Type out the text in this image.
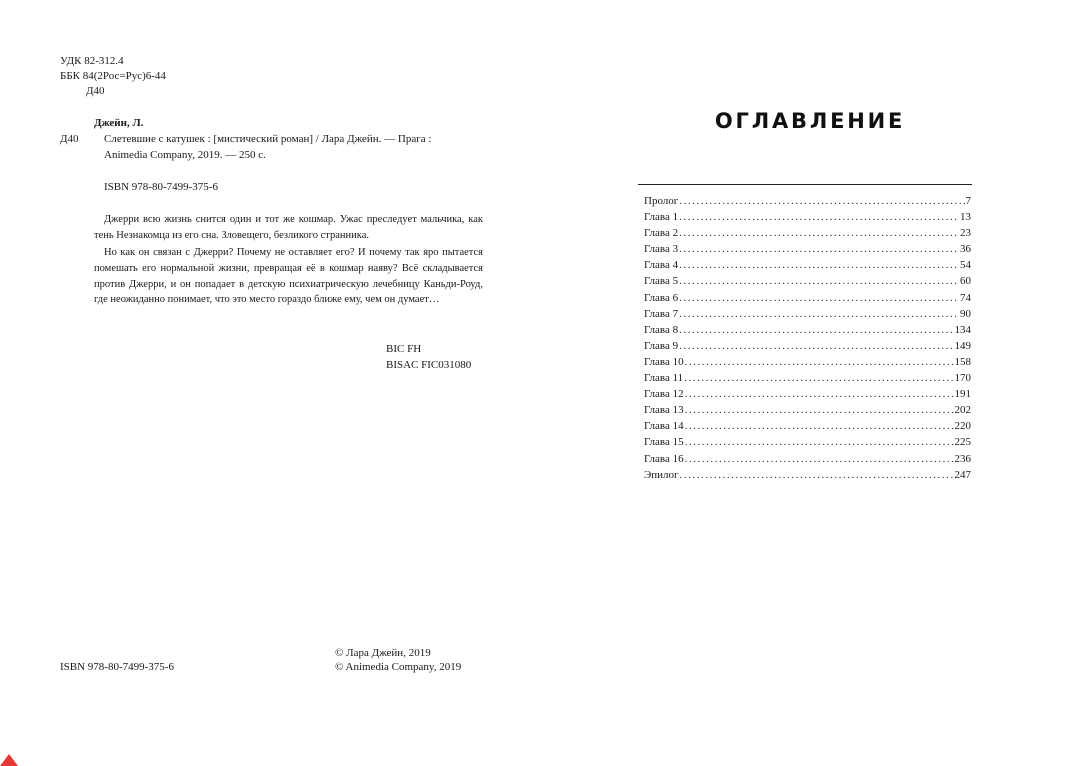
УДК 82-312.4
ББК 84(2Рос=Рус)6-44
Д40
Джейн, Л.
Д40 Слетевшие с катушек : [мистический роман] / Лара Джейн. — Прага :
Animedia Company, 2019. — 250 с.
ISBN 978-80-7499-375-6
Джерри всю жизнь снится один и тот же кошмар. Ужас преследует мальчика, как тень Незнакомца из его сна. Зловещего, безликого странника.
Но как он связан с Джерри? Почему не оставляет его? И почему так яро пытается помешать его нормальной жизни, превращая её в кошмар наяву? Всё складывается против Джерри, и он попадает в детскую психиатрическую лечебницу Каньди-Роуд, где неожиданно понимает, что это место гораздо ближе ему, чем он думает…
BIC FH
BISAC FIC031080
ISBN 978-80-7499-375-6
© Лара Джейн, 2019
© Animedia Company, 2019
ОГЛАВЛЕНИЕ
Пролог . . .	7
Глава 1 . . .	13
Глава 2 . . .	23
Глава 3 . . .	36
Глава 4 . . .	54
Глава 5 . . .	60
Глава 6 . . .	74
Глава 7 . . .	90
Глава 8 . . .	134
Глава 9 . . .	149
Глава 10 . . .	158
Глава 11 . . .	170
Глава 12 . . .	191
Глава 13 . . .	202
Глава 14 . . .	220
Глава 15 . . .	225
Глава 16 . . .	236
Эпилог . . .	247
